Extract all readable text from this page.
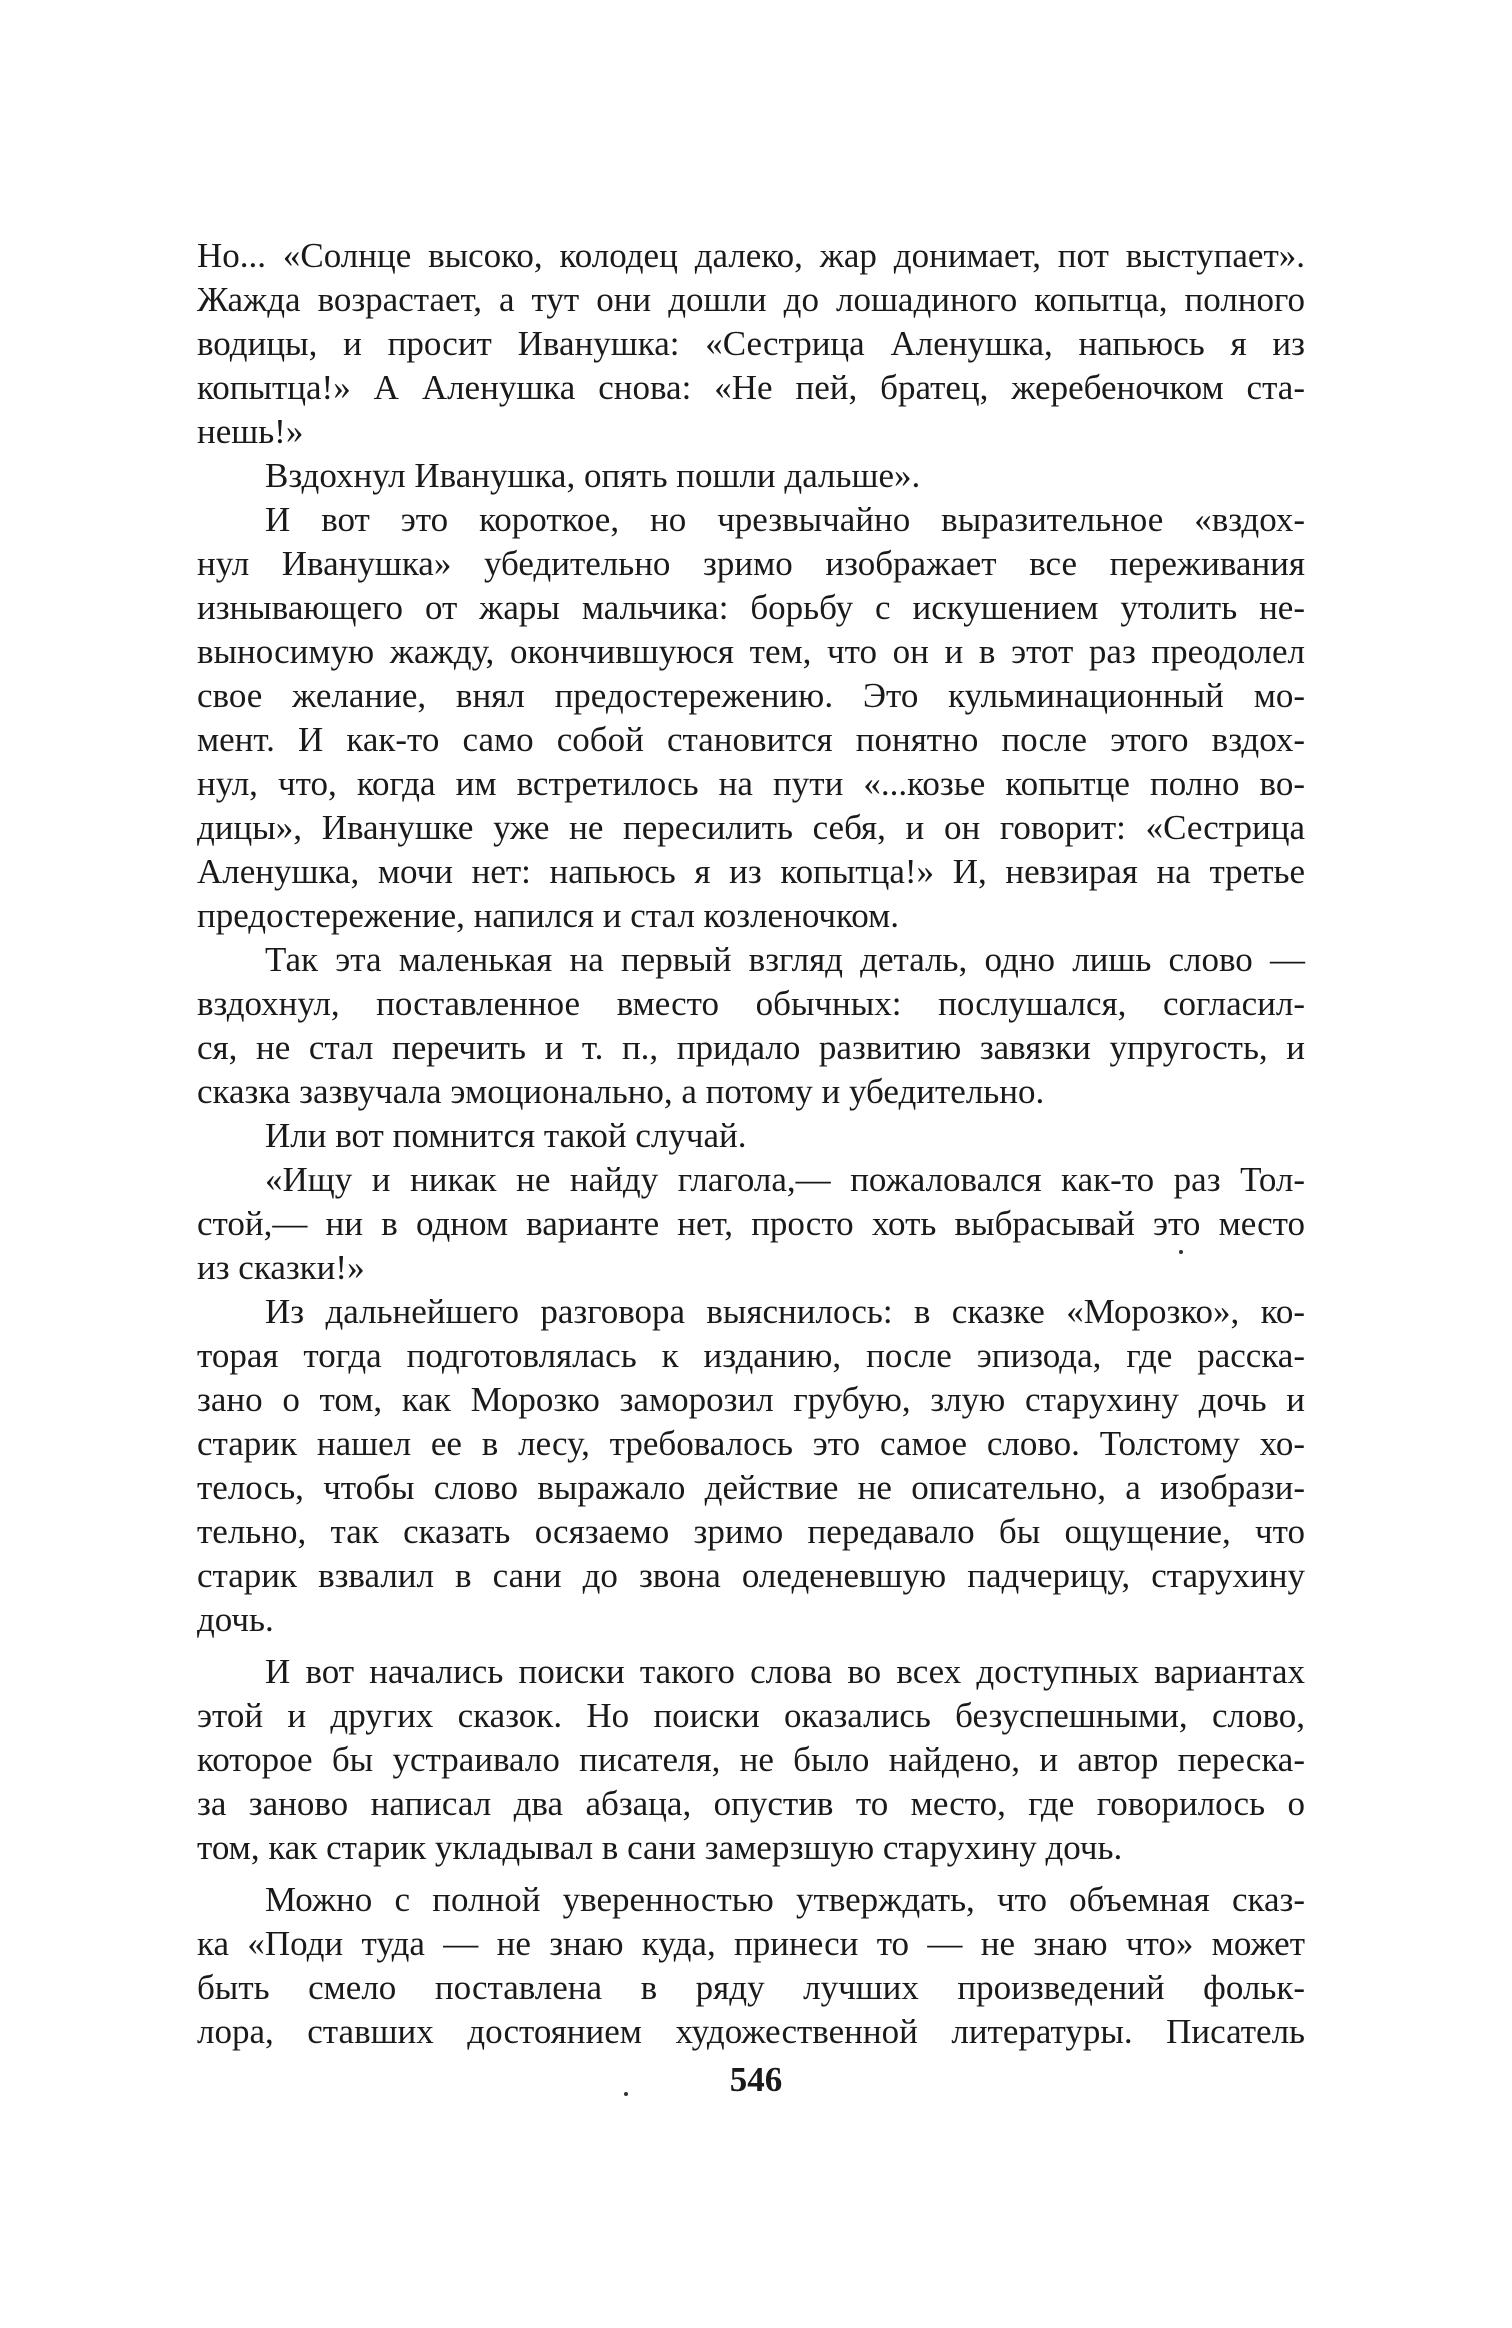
Но... «Солнце высоко, колодец далеко, жар донимает, пот выступает».
Жажда возрастает, а тут они дошли до лошадиного копытца, полного
водицы, и просит Иванушка: «Сестрица Аленушка, напьюсь я из
копытца!» А Аленушка снова: «Не пей, братец, жеребеночком ста-
нешь!»
Вздохнул Иванушка, опять пошли дальше».
И вот это короткое, но чрезвычайно выразительное «вздох-
нул Иванушка» убедительно зримо изображает все переживания
изнывающего от жары мальчика: борьбу с искушением утолить не-
выносимую жажду, окончившуюся тем, что он и в этот раз преодолел
свое желание, внял предостережению. Это кульминационный мо-
мент. И как-то само собой становится понятно после этого вздох-
нул, что, когда им встретилось на пути «...козье копытце полно во-
дицы», Иванушке уже не пересилить себя, и он говорит: «Сестрица
Аленушка, мочи нет: напьюсь я из копытца!» И, невзирая на третье
предостережение, напился и стал козленочком.
Так эта маленькая на первый взгляд деталь, одно лишь слово —
вздохнул, поставленное вместо обычных: послушался, согласил-
ся, не стал перечить и т. п., придало развитию завязки упругость, и
сказка зазвучала эмоционально, а потому и убедительно.
Или вот помнится такой случай.
«Ищу и никак не найду глагола,— пожаловался как-то раз Тол-
стой,— ни в одном варианте нет, просто хоть выбрасывай это место
из сказки!»
Из дальнейшего разговора выяснилось: в сказке «Морозко», ко-
торая тогда подготовлялась к изданию, после эпизода, где расска-
зано о том, как Морозко заморозил грубую, злую старухину дочь и
старик нашел ее в лесу, требовалось это самое слово. Толстому хо-
телось, чтобы слово выражало действие не описательно, а изобрази-
тельно, так сказать осязаемо зримо передавало бы ощущение, что
старик взвалил в сани до звона оледеневшую падчерицу, старухину
дочь.
И вот начались поиски такого слова во всех доступных вариантах
этой и других сказок. Но поиски оказались безуспешными, слово,
которое бы устраивало писателя, не было найдено, и автор переска-
за заново написал два абзаца, опустив то место, где говорилось о
том, как старик укладывал в сани замерзшую старухину дочь.
Можно с полной уверенностью утверждать, что объемная сказ-
ка «Поди туда — не знаю куда, принеси то — не знаю что» может
быть смело поставлена в ряду лучших произведений фольк-
лора, ставших достоянием художественной литературы. Писатель
546
